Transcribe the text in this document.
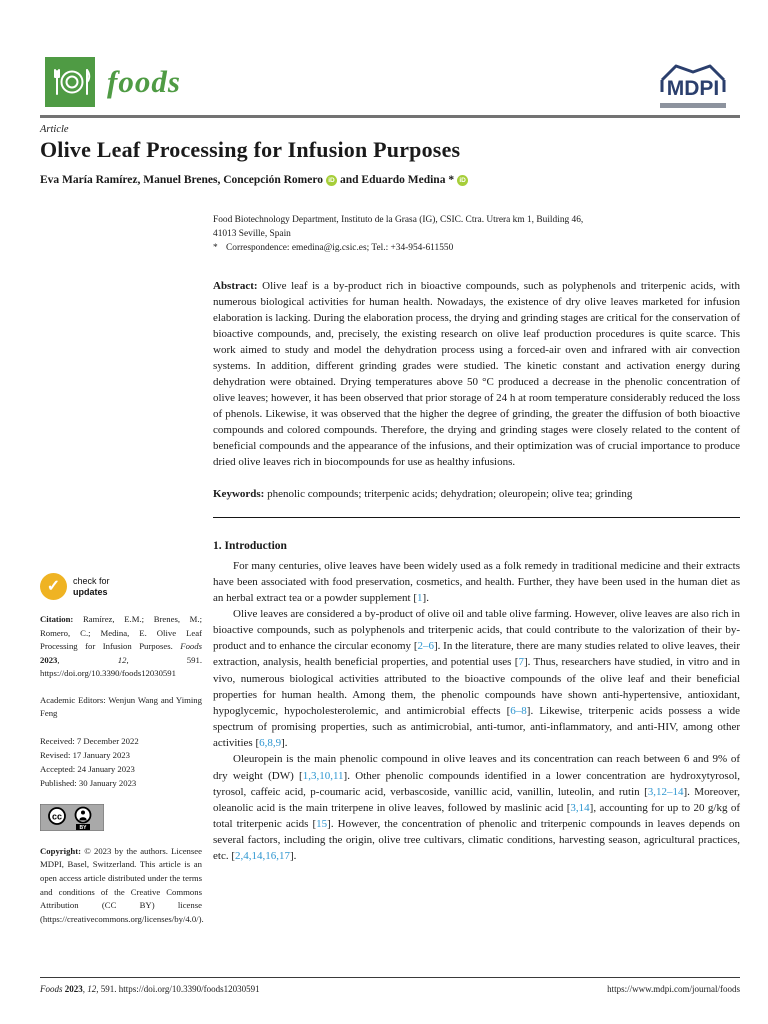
foods	MDPI
Article
Olive Leaf Processing for Infusion Purposes
Eva María Ramírez, Manuel Brenes, Concepción Romero iD and Eduardo Medina * iD
✓	check for
updates
Citation: Ramírez, E.M.; Brenes, M.; Romero, C.; Medina, E. Olive Leaf Processing for Infusion Purposes. Foods 2023, 12, 591. https://doi.org/10.3390/foods12030591
Academic Editors: Wenjun Wang and Yiming Feng
Received: 7 December 2022
Revised: 17 January 2023
Accepted: 24 January 2023
Published: 30 January 2023
cc
BY
Copyright: © 2023 by the authors. Licensee MDPI, Basel, Switzerland. This article is an open access article distributed under the terms and conditions of the Creative Commons Attribution (CC BY) license (https://creativecommons.org/licenses/by/4.0/).
Food Biotechnology Department, Instituto de la Grasa (IG), CSIC. Ctra. Utrera km 1, Building 46,
41013 Seville, Spain
* Correspondence: emedina@ig.csic.es; Tel.: +34-954-611550
Abstract: Olive leaf is a by-product rich in bioactive compounds, such as polyphenols and triterpenic acids, with numerous biological activities for human health. Nowadays, the existence of dry olive leaves marketed for infusion elaboration is lacking. During the elaboration process, the drying and grinding stages are critical for the conservation of bioactive compounds, and, precisely, the existing research on olive leaf production procedures is quite scarce. This work aimed to study and model the dehydration process using a forced-air oven and infrared with air convection systems. In addition, different grinding grades were studied. The kinetic constant and activation energy during dehydration were obtained. Drying temperatures above 50 °C produced a decrease in the phenolic concentration of olive leaves; however, it has been observed that prior storage of 24 h at room temperature considerably reduced the loss of phenols. Likewise, it was observed that the higher the degree of grinding, the greater the diffusion of both bioactive compounds and colored compounds. Therefore, the drying and grinding stages were closely related to the content of beneficial compounds and the appearance of the infusions, and their optimization was of crucial importance to produce dried olive leaves rich in biocompounds for use as healthy infusions.
Keywords: phenolic compounds; triterpenic acids; dehydration; oleuropein; olive tea; grinding
1. Introduction

For many centuries, olive leaves have been widely used as a folk remedy in traditional medicine and their extracts have been associated with food preservation, cosmetics, and health. Further, they have been used in the human diet as an herbal extract tea or a powder supplement [1].

Olive leaves are considered a by-product of olive oil and table olive farming. However, olive leaves are also rich in bioactive compounds, such as polyphenols and triterpenic acids, that could contribute to the valorization of their by-product and to enhance the circular economy [2–6]. In the literature, there are many studies related to olive leaves, their extraction, analysis, health beneficial properties, and potential uses [7]. Thus, researchers have studied, in vitro and in vivo, numerous biological activities attributed to the bioactive compounds of the olive leaf and their beneficial properties for human health. Among them, the phenolic compounds have shown anti-hypertensive, antioxidant, hypoglycemic, hypocholesterolemic, and antimicrobial effects [6–8]. Likewise, triterpenic acids possess a wide spectrum of promising properties, such as antimicrobial, anti-tumor, anti-inflammatory, and anti-HIV, among other activities [6,8,9].

Oleuropein is the main phenolic compound in olive leaves and its concentration can reach between 6 and 9% of dry weight (DW) [1,3,10,11]. Other phenolic compounds identified in a lower concentration are hydroxytyrosol, tyrosol, caffeic acid, p-coumaric acid, verbascoside, vanillic acid, vanillin, luteolin, and rutin [3,12–14]. Moreover, oleanolic acid is the main triterpene in olive leaves, followed by maslinic acid [3,14], accounting for up to 20 g/kg of total triterpenic acids [15]. However, the concentration of phenolic and triterpenic compounds in leaves depends on several factors, including the origin, olive tree cultivars, climatic conditions, harvesting season, agricultural practices, etc. [2,4,14,16,17].

Foods 2023, 12, 591. https://doi.org/10.3390/foods12030591	https://www.mdpi.com/journal/foods
